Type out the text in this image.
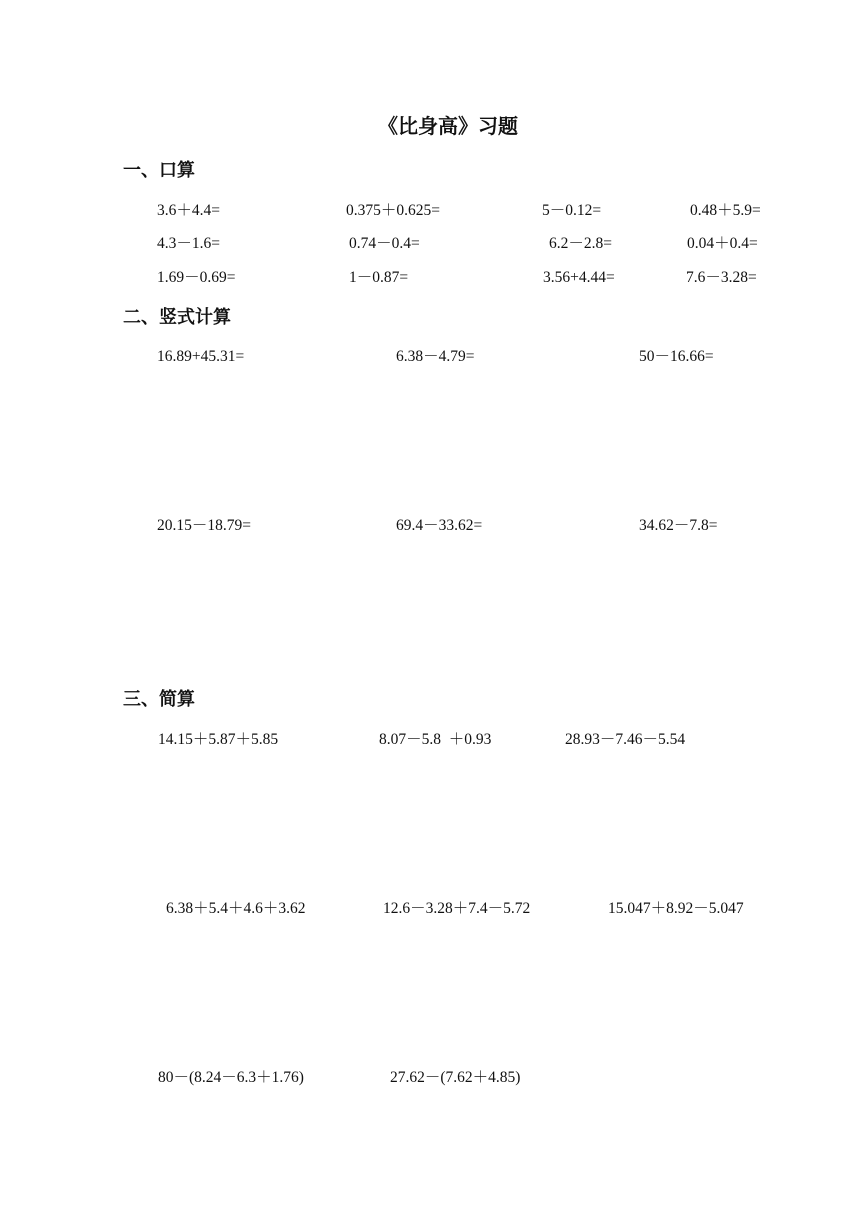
《比身高》习题
一、口算
3.6＋4.4=	0.375＋0.625=	5－0.12=	0.48＋5.9=
4.3－1.6=	0.74－0.4=	6.2－2.8=	0.04＋0.4=
1.69－0.69=	1－0.87=	3.56+4.44=	7.6－3.28=
二、竖式计算
16.89+45.31=	6.38－4.79=	50－16.66=
20.15－18.79=	69.4－33.62=	34.62－7.8=
三、简算
14.15＋5.87＋5.85	8.07－5.8  ＋0.93	28.93－7.46－5.54
6.38＋5.4＋4.6＋3.62	12.6－3.28＋7.4－5.72	15.047＋8.92－5.047
80－(8.24－6.3＋1.76)	27.62－(7.62＋4.85)
